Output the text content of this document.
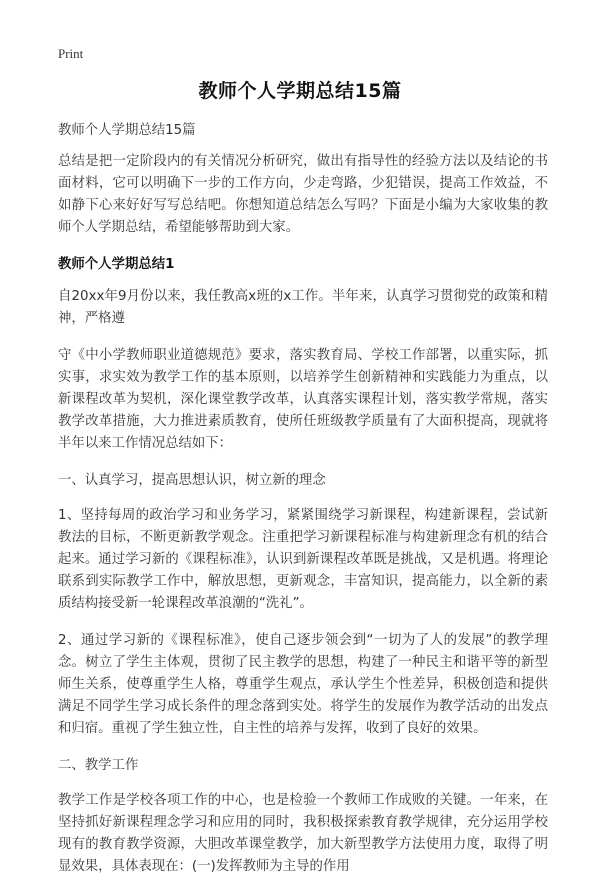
Print
教师个人学期总结15篇

教师个人学期总结15篇

总结是把一定阶段内的有关情况分析研究，做出有指导性的经验方法以及结论的书面材料，它可以明确下一步的工作方向，少走弯路，少犯错误，提高工作效益，不如静下心来好好写写总结吧。你想知道总结怎么写吗？下面是小编为大家收集的教师个人学期总结，希望能够帮助到大家。

教师个人学期总结1

自20xx年9月份以来，我任教高x班的x工作。半年来，认真学习贯彻党的政策和精神，严格遵

守《中小学教师职业道德规范》要求，落实教育局、学校工作部署，以重实际，抓实事，求实效为教学工作的基本原则，以培养学生创新精神和实践能力为重点，以新课程改革为契机，深化课堂教学改革，认真落实课程计划，落实教学常规，落实教学改革措施，大力推进素质教育，使所任班级教学质量有了大面积提高，现就将半年以来工作情况总结如下：

一、认真学习，提高思想认识，树立新的理念

1、坚持每周的政治学习和业务学习，紧紧围绕学习新课程，构建新课程，尝试新教法的目标，不断更新教学观念。注重把学习新课程标准与构建新理念有机的结合起来。通过学习新的《课程标准》，认识到新课程改革既是挑战，又是机遇。将理论联系到实际教学工作中，解放思想，更新观念，丰富知识，提高能力，以全新的素质结构接受新一轮课程改革浪潮的“洗礼”。

2、通过学习新的《课程标准》，使自己逐步领会到“一切为了人的发展”的教学理念。树立了学生主体观，贯彻了民主教学的思想，构建了一种民主和谐平等的新型师生关系，使尊重学生人格，尊重学生观点，承认学生个性差异，积极创造和提供满足不同学生学习成长条件的理念落到实处。将学生的发展作为教学活动的出发点和归宿。重视了学生独立性，自主性的培养与发挥，收到了良好的效果。

二、教学工作

教学工作是学校各项工作的中心，也是检验一个教师工作成败的关键。一年来，在坚持抓好新课程理念学习和应用的同时，我积极探索教育教学规律，充分运用学校现有的教育教学资源，大胆改革课堂教学，加大新型教学方法使用力度，取得了明显效果，具体表现在：(一)发挥教师为主导的作用
